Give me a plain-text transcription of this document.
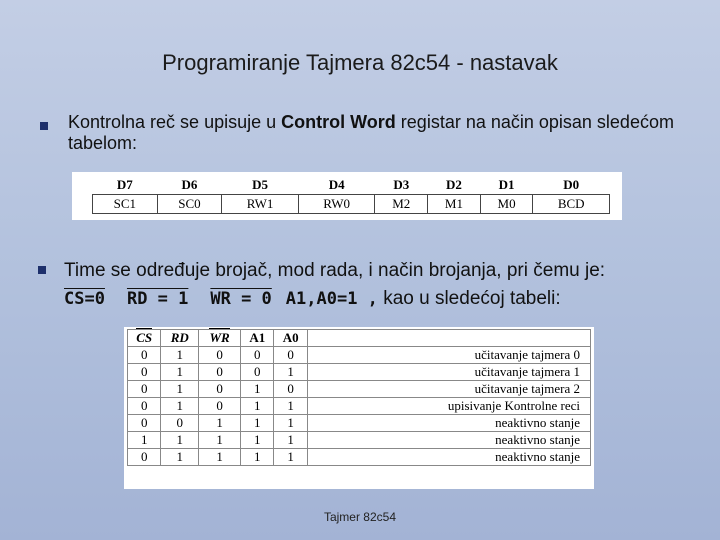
Programiranje Tajmera 82c54 - nastavak
Kontrolna reč se upisuje u Control Word registar na način opisan sledećom tabelom:
D7	D6	D5	D4	D3	D2	D1	D0
SC1	SC0	RW1	RW0	M2	M1	M0	BCD
Time se određuje brojač, mod rada, i način brojanja, pri čemu je:
CS=0 RD = 1 WR = 0 A1,A0=1 , kao u sledećoj tabeli:
CS	RD	WR	A1	A0	
0	1	0	0	0	učitavanje tajmera 0
0	1	0	0	1	učitavanje tajmera 1
0	1	0	1	0	učitavanje tajmera 2
0	1	0	1	1	upisivanje Kontrolne reci
0	0	1	1	1	neaktivno stanje
1	1	1	1	1	neaktivno stanje
0	1	1	1	1	neaktivno stanje
Tajmer 82c54
